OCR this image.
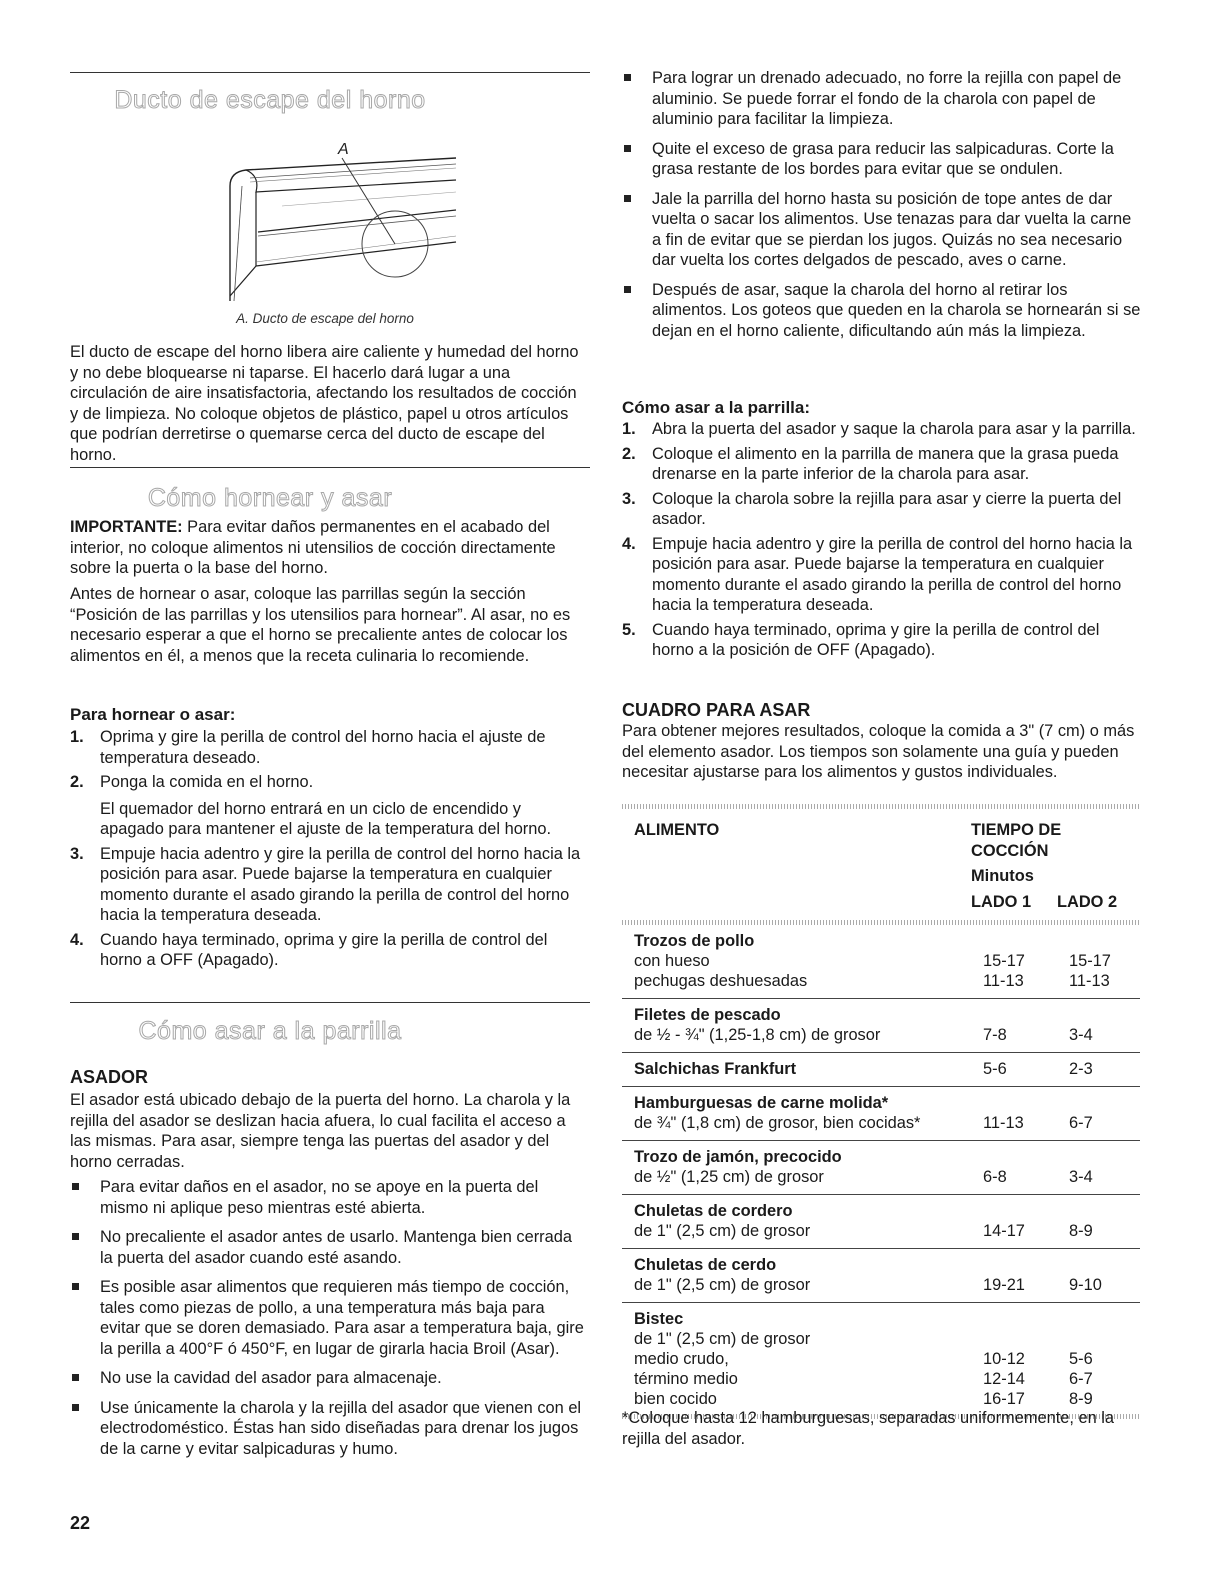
Ducto de escape del horno
A
A. Ducto de escape del horno

El ducto de escape del horno libera aire caliente y humedad del horno y no debe bloquearse ni taparse. El hacerlo dará lugar a una circulación de aire insatisfactoria, afectando los resultados de cocción y de limpieza. No coloque objetos de plástico, papel u otros artículos que podrían derretirse o quemarse cerca del ducto de escape del horno.

Cómo hornear y asar

IMPORTANTE: Para evitar daños permanentes en el acabado del interior, no coloque alimentos ni utensilios de cocción directamente sobre la puerta o la base del horno.

Antes de hornear o asar, coloque las parrillas según la sección “Posición de las parrillas y los utensilios para hornear”. Al asar, no es necesario esperar a que el horno se precaliente antes de colocar los alimentos en él, a menos que la receta culinaria lo recomiende.

Para hornear o asar:
1. Oprima y gire la perilla de control del horno hacia el ajuste de temperatura deseado.
2. Ponga la comida en el horno.
El quemador del horno entrará en un ciclo de encendido y apagado para mantener el ajuste de la temperatura del horno.
3. Empuje hacia adentro y gire la perilla de control del horno hacia la posición para asar. Puede bajarse la temperatura en cualquier momento durante el asado girando la perilla de control del horno hacia la temperatura deseada.
4. Cuando haya terminado, oprima y gire la perilla de control del horno a OFF (Apagado).
Cómo asar a la parrilla
ASADOR

El asador está ubicado debajo de la puerta del horno. La charola y la rejilla del asador se deslizan hacia afuera, lo cual facilita el acceso a las mismas. Para asar, siempre tenga las puertas del asador y del horno cerradas.

Para evitar daños en el asador, no se apoye en la puerta del mismo ni aplique peso mientras esté abierta.
No precaliente el asador antes de usarlo. Mantenga bien cerrada la puerta del asador cuando esté asando.
Es posible asar alimentos que requieren más tiempo de cocción, tales como piezas de pollo, a una temperatura más baja para evitar que se doren demasiado. Para asar a temperatura baja, gire la perilla a 400°F ó 450°F, en lugar de girarla hacia Broil (Asar).
No use la cavidad del asador para almacenaje.
Use únicamente la charola y la rejilla del asador que vienen con el electrodoméstico. Éstas han sido diseñadas para drenar los jugos de la carne y evitar salpicaduras y humo.
22
Para lograr un drenado adecuado, no forre la rejilla con papel de aluminio. Se puede forrar el fondo de la charola con papel de aluminio para facilitar la limpieza.
Quite el exceso de grasa para reducir las salpicaduras. Corte la grasa restante de los bordes para evitar que se ondulen.
Jale la parrilla del horno hasta su posición de tope antes de dar vuelta o sacar los alimentos. Use tenazas para dar vuelta la carne a fin de evitar que se pierdan los jugos. Quizás no sea necesario dar vuelta los cortes delgados de pescado, aves o carne.
Después de asar, saque la charola del horno al retirar los alimentos. Los goteos que queden en la charola se hornearán si se dejan en el horno caliente, dificultando aún más la limpieza.
Cómo asar a la parrilla:
1. Abra la puerta del asador y saque la charola para asar y la parrilla.
2. Coloque el alimento en la parrilla de manera que la grasa pueda drenarse en la parte inferior de la charola para asar.
3. Coloque la charola sobre la rejilla para asar y cierre la puerta del asador.
4. Empuje hacia adentro y gire la perilla de control del horno hacia la posición para asar. Puede bajarse la temperatura en cualquier momento durante el asado girando la perilla de control del horno hacia la temperatura deseada.
5. Cuando haya terminado, oprima y gire la perilla de control del horno a la posición de OFF (Apagado).
CUADRO PARA ASAR

Para obtener mejores resultados, coloque la comida a 3" (7 cm) o más del elemento asador. Los tiempos son solamente una guía y pueden necesitar ajustarse para los alimentos y gustos individuales.

ALIMENTO	TIEMPO DE
COCCIÓN
Minutos
LADO 1 LADO 2
Trozos de pollo
con hueso	15-17	15-17
pechugas deshuesadas	11-13	11-13
Filetes de pescado
de ½ - ¾" (1,25-1,8 cm) de grosor	7-8	3-4
Salchichas Frankfurt	5-6	2-3
Hamburguesas de carne molida*
de ¾" (1,8 cm) de grosor, bien cocidas*	11-13	6-7
Trozo de jamón, precocido
de ½" (1,25 cm) de grosor	6-8	3-4
Chuletas de cordero
de 1" (2,5 cm) de grosor	14-17	8-9
Chuletas de cerdo
de 1" (2,5 cm) de grosor	19-21	9-10
Bistec
de 1" (2,5 cm) de grosor
medio crudo,	10-12	5-6
término medio	12-14	6-7
bien cocido	16-17	8-9

*Coloque hasta 12 hamburguesas, separadas uniformemente, en la rejilla del asador.
